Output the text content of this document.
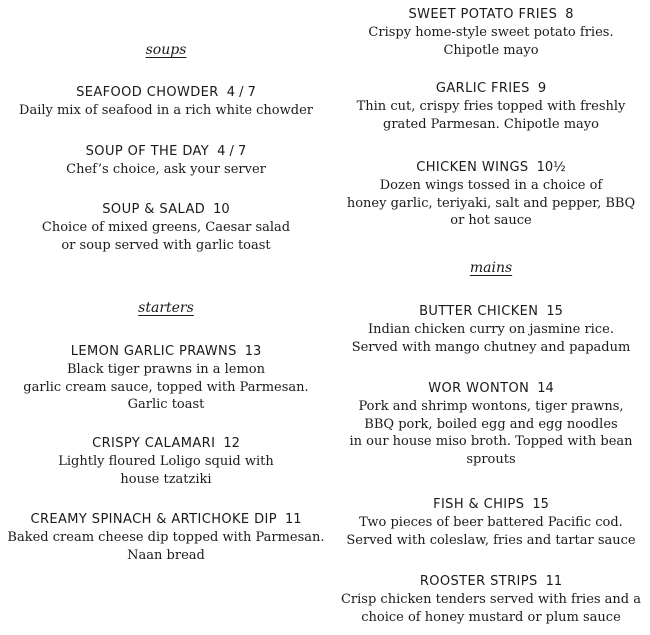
soups
SEAFOOD CHOWDER 4 / 7
Daily mix of seafood in a rich white chowder
SOUP OF THE DAY 4 / 7
Chef’s choice, ask your server
SOUP & SALAD 10
Choice of mixed greens, Caesar salad
or soup served with garlic toast
starters
LEMON GARLIC PRAWNS 13
Black tiger prawns in a lemon
garlic cream sauce, topped with Parmesan.
Garlic toast
CRISPY CALAMARI 12
Lightly floured Loligo squid with
house tzatziki
CREAMY SPINACH & ARTICHOKE DIP 11
Baked cream cheese dip topped with Parmesan.
Naan bread
SWEET POTATO FRIES 8
Crispy home-style sweet potato fries.
Chipotle mayo
GARLIC FRIES 9
Thin cut, crispy fries topped with freshly
grated Parmesan. Chipotle mayo
CHICKEN WINGS 10½
Dozen wings tossed in a choice of
honey garlic, teriyaki, salt and pepper, BBQ
or hot sauce
mains
BUTTER CHICKEN 15
Indian chicken curry on jasmine rice.
Served with mango chutney and papadum
WOR WONTON 14
Pork and shrimp wontons, tiger prawns,
BBQ pork, boiled egg and egg noodles
in our house miso broth. Topped with bean
sprouts
FISH & CHIPS 15
Two pieces of beer battered Pacific cod.
Served with coleslaw, fries and tartar sauce
ROOSTER STRIPS 11
Crisp chicken tenders served with fries and a
choice of honey mustard or plum sauce
